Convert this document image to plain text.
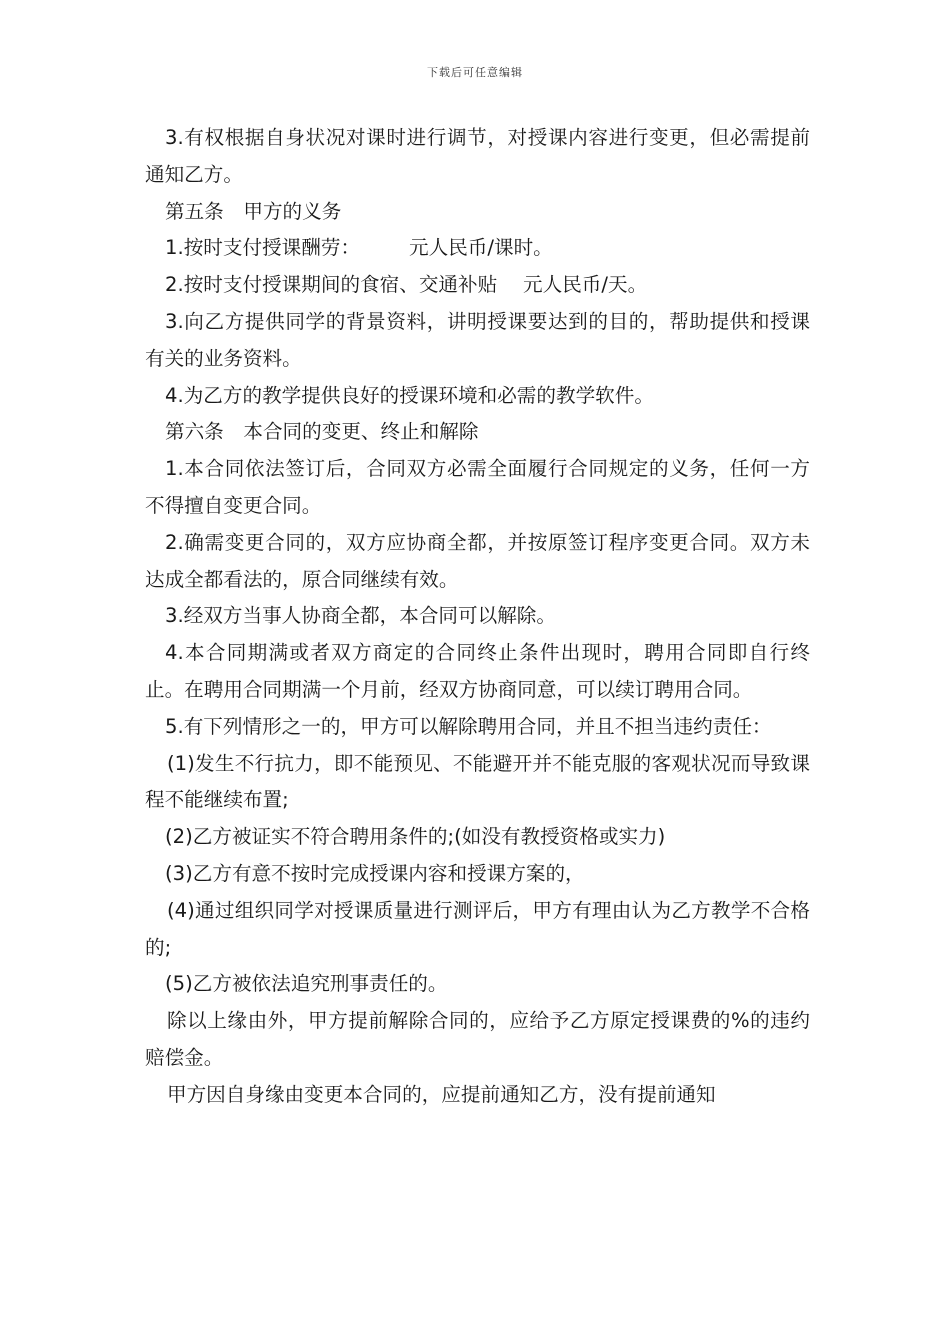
下载后可任意编辑

3.有权根据自身状况对课时进行调节，对授课内容进行变更，但必需提前通知乙方。

第五条　甲方的义务

1.按时支付授课酬劳：　　　元人民币/课时。

2.按时支付授课期间的食宿、交通补贴　 元人民币/天。

3.向乙方提供同学的背景资料，讲明授课要达到的目的，帮助提供和授课有关的业务资料。

4.为乙方的教学提供良好的授课环境和必需的教学软件。

第六条　本合同的变更、终止和解除

1.本合同依法签订后，合同双方必需全面履行合同规定的义务，任何一方不得擅自变更合同。

2.确需变更合同的，双方应协商全都，并按原签订程序变更合同。双方未达成全都看法的，原合同继续有效。

3.经双方当事人协商全都，本合同可以解除。

4.本合同期满或者双方商定的合同终止条件出现时，聘用合同即自行终止。在聘用合同期满一个月前，经双方协商同意，可以续订聘用合同。

5.有下列情形之一的，甲方可以解除聘用合同，并且不担当违约责任：

(1)发生不行抗力，即不能预见、不能避开并不能克服的客观状况而导致课程不能继续布置;

(2)乙方被证实不符合聘用条件的;(如没有教授资格或实力)

(3)乙方有意不按时完成授课内容和授课方案的，

(4)通过组织同学对授课质量进行测评后，甲方有理由认为乙方教学不合格的;

(5)乙方被依法追究刑事责任的。

除以上缘由外，甲方提前解除合同的，应给予乙方原定授课费的%的违约赔偿金。

甲方因自身缘由变更本合同的，应提前通知乙方，没有提前通知
